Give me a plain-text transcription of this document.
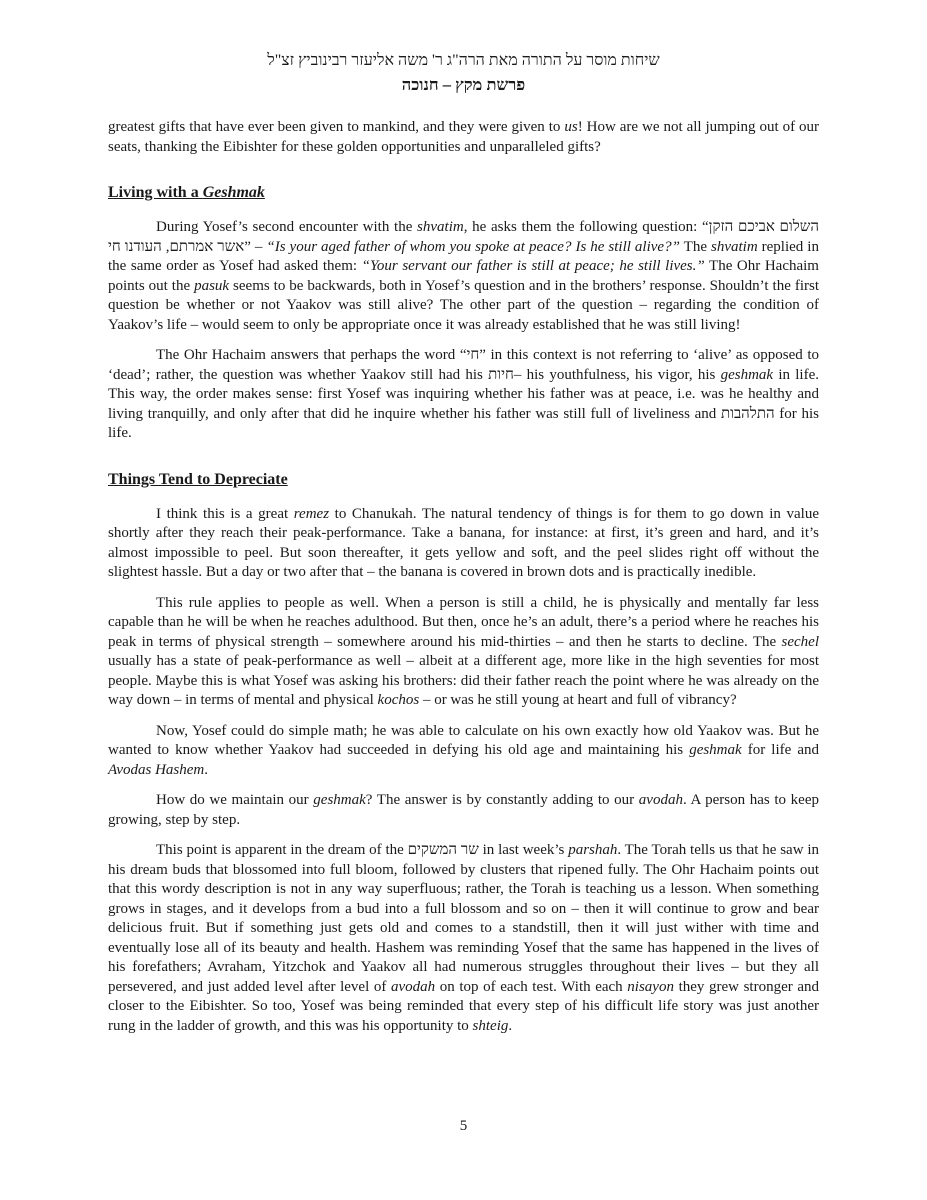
שיחות מוסר על התורה מאת הרה"ג ר' משה אליעזר רבינוביץ זצ"ל
פרשת מקץ – חנוכה

greatest gifts that have ever been given to mankind, and they were given to us! How are we not all jumping out of our seats, thanking the Eibishter for these golden opportunities and unparalleled gifts?

Living with a Geshmak

During Yosef’s second encounter with the shvatim, he asks them the following question: “השלום אביכם הזקן אשר אמרתם, העודנו חי” – “Is your aged father of whom you spoke at peace? Is he still alive?” The shvatim replied in the same order as Yosef had asked them: “Your servant our father is still at peace; he still lives.” The Ohr Hachaim points out the pasuk seems to be backwards, both in Yosef’s question and in the brothers’ response. Shouldn’t the first question be whether or not Yaakov was still alive? The other part of the question – regarding the condition of Yaakov’s life – would seem to only be appropriate once it was already established that he was still living!

The Ohr Hachaim answers that perhaps the word “חי” in this context is not referring to ‘alive’ as opposed to ‘dead’; rather, the question was whether Yaakov still had his חיות– his youthfulness, his vigor, his geshmak in life. This way, the order makes sense: first Yosef was inquiring whether his father was at peace, i.e. was he healthy and living tranquilly, and only after that did he inquire whether his father was still full of liveliness and התלהבות for his life.

Things Tend to Depreciate

I think this is a great remez to Chanukah. The natural tendency of things is for them to go down in value shortly after they reach their peak-performance. Take a banana, for instance: at first, it’s green and hard, and it’s almost impossible to peel. But soon thereafter, it gets yellow and soft, and the peel slides right off without the slightest hassle. But a day or two after that – the banana is covered in brown dots and is practically inedible.

This rule applies to people as well. When a person is still a child, he is physically and mentally far less capable than he will be when he reaches adulthood. But then, once he’s an adult, there’s a period where he reaches his peak in terms of physical strength – somewhere around his mid-thirties – and then he starts to decline. The sechel usually has a state of peak-performance as well – albeit at a different age, more like in the high seventies for most people. Maybe this is what Yosef was asking his brothers: did their father reach the point where he was already on the way down – in terms of mental and physical kochos – or was he still young at heart and full of vibrancy?

Now, Yosef could do simple math; he was able to calculate on his own exactly how old Yaakov was. But he wanted to know whether Yaakov had succeeded in defying his old age and maintaining his geshmak for life and Avodas Hashem.

How do we maintain our geshmak? The answer is by constantly adding to our avodah. A person has to keep growing, step by step.

This point is apparent in the dream of the שר המשקים in last week’s parshah. The Torah tells us that he saw in his dream buds that blossomed into full bloom, followed by clusters that ripened fully. The Ohr Hachaim points out that this wordy description is not in any way superfluous; rather, the Torah is teaching us a lesson. When something grows in stages, and it develops from a bud into a full blossom and so on – then it will continue to grow and bear delicious fruit. But if something just gets old and comes to a standstill, then it will just wither with time and eventually lose all of its beauty and health. Hashem was reminding Yosef that the same has happened in the lives of his forefathers; Avraham, Yitzchok and Yaakov all had numerous struggles throughout their lives – but they all persevered, and just added level after level of avodah on top of each test. With each nisayon they grew stronger and closer to the Eibishter. So too, Yosef was being reminded that every step of his difficult life story was just another rung in the ladder of growth, and this was his opportunity to shteig.

5
